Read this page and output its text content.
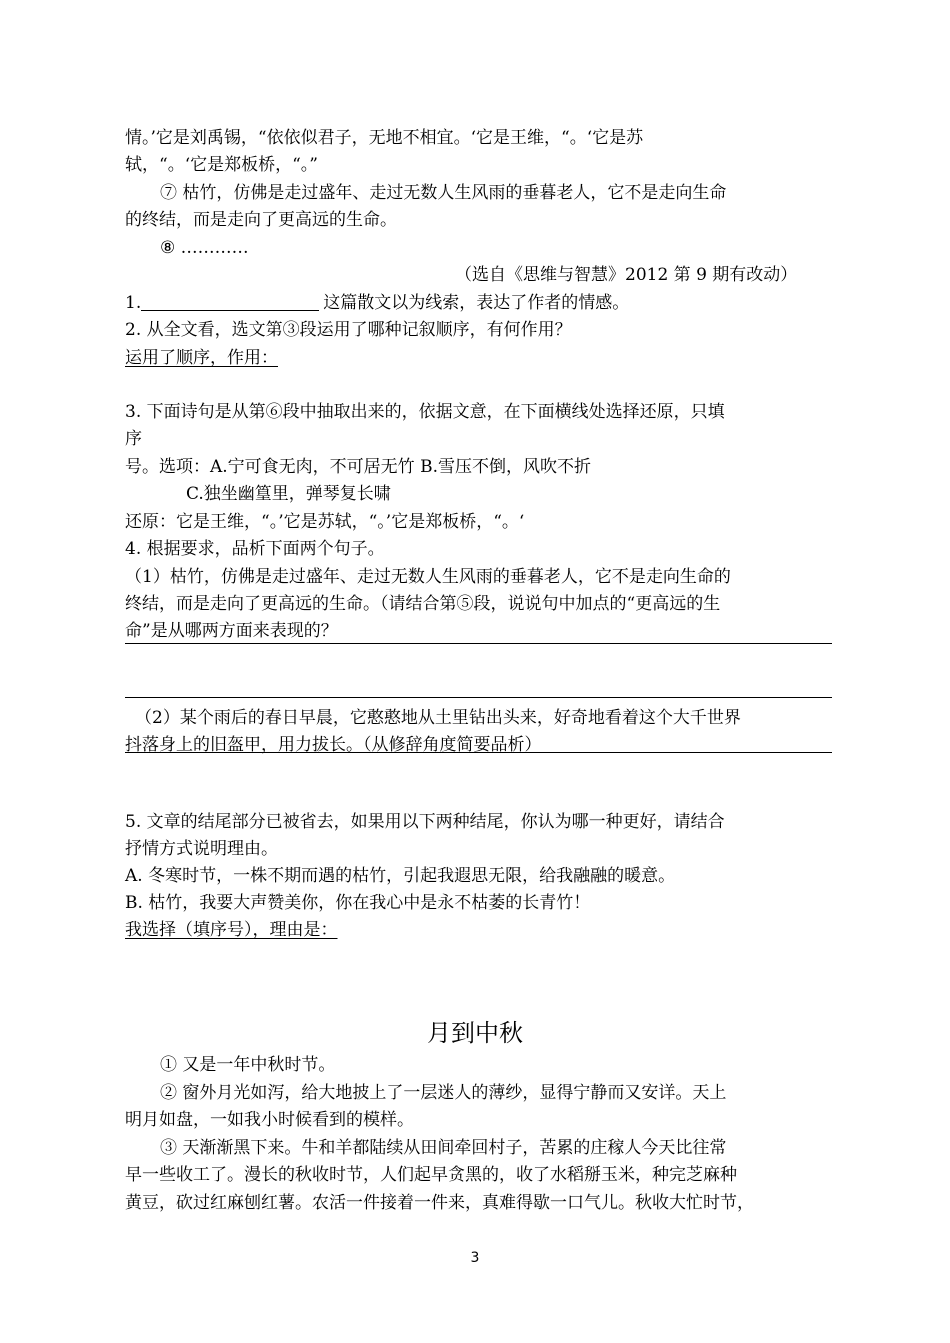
情。’它是刘禹锡，“依依似君子，无地不相宜。‘它是王维，“。‘它是苏
轼，“。‘它是郑板桥，“。”
⑦ 枯竹，仿佛是走过盛年、走过无数人生风雨的垂暮老人，它不是走向生命
的终结，而是走向了更高远的生命。
⑧ …………
（选自《思维与智慧》2012 第 9 期有改动）
1.	这篇散文以为线索，表达了作者的情感。
2. 从全文看，选文第③段运用了哪种记叙顺序，有何作用？
运用了顺序，作用：
3. 下面诗句是从第⑥段中抽取出来的，依据文意，在下面横线处选择还原，只填
序
号。选项：A.宁可食无肉，不可居无竹 B.雪压不倒，风吹不折
C.独坐幽篁里，弹琴复长啸
还原：它是王维，“。’它是苏轼，“。’它是郑板桥，“。‘
4. 根据要求，品析下面两个句子。
（1）枯竹，仿佛是走过盛年、走过无数人生风雨的垂暮老人，它不是走向生命的
终结，而是走向了更高远的生命。（请结合第⑤段，说说句中加点的“更高远的生
命”是从哪两方面来表现的？
（2）某个雨后的春日早晨，它憨憨地从土里钻出头来，好奇地看着这个大千世界
抖落身上的旧盔甲，用力拔长。（从修辞角度简要品析）
5. 文章的结尾部分已被省去，如果用以下两种结尾，你认为哪一种更好，请结合
抒情方式说明理由。
A. 冬寒时节，一株不期而遇的枯竹，引起我遐思无限，给我融融的暖意。
B. 枯竹，我要大声赞美你，你在我心中是永不枯萎的长青竹！
我选择（填序号），理由是：
月到中秋
① 又是一年中秋时节。
② 窗外月光如泻，给大地披上了一层迷人的薄纱，显得宁静而又安详。天上
明月如盘，一如我小时候看到的模样。
③ 天渐渐黑下来。牛和羊都陆续从田间牵回村子，苦累的庄稼人今天比往常
早一些收工了。漫长的秋收时节，人们起早贪黑的，收了水稻掰玉米，种完芝麻种
黄豆，砍过红麻刨红薯。农活一件接着一件来，真难得歇一口气儿。秋收大忙时节，
3
